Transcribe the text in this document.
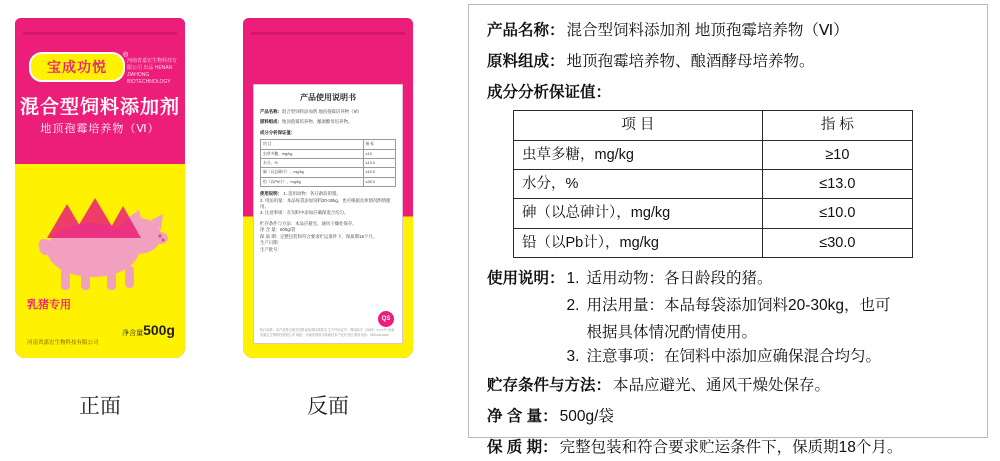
宝成功悦
®
河南省嘉宏生物科技有限公司 出品 HENAN JIAHONG BIOTECHNOLOGY
混合型饲料添加剂
地顶孢霉培养物（Ⅵ）
乳猪专用
河南省嘉宏生物科技有限公司
净含量500g
正面
产品使用说明书
产品名称：混合型饲料添加剂 地顶孢霉培养物（Ⅵ）
原料组成：地顶孢霉培养物、酿酒酵母培养物。
成分分析保证值：
项 目	指 标
虫草多糖，mg/kg	≥10
水分，%	≤13.0
砷（以总砷计），mg/kg	≤10.0
铅（以Pb计），mg/kg	≤30.0
使用说明： 1. 适用动物：各日龄段的猪。
2. 用法用量：本品每袋添加饲料20-30kg，也可根据具体情况酌情使用。
3. 注意事项：在饲料中添加应确保混合均匀。
贮存条件与方法：本品应避光、通风干燥处保存。
净 含 量：500g/袋
保 质 期：完整包装和符合要求贮运条件下，保质期18个月。
生产日期：
生产批号：
执行标准：本产品符合相关饲料添加剂标准要求 生产许可证号：豫饲添字（2019）××××号 河南省嘉宏生物科技有限公司 地址：河南省郑州市高新技术产业开发区 服务电话：400-xxx-xxxx
QS
反面
产品名称： 混合型饲料添加剂 地顶孢霉培养物（Ⅵ）
原料组成： 地顶孢霉培养物、酿酒酵母培养物。
成分分析保证值：
项 目	指 标
虫草多糖，mg/kg	≥10
水分，%	≤13.0
砷（以总砷计），mg/kg	≤10.0
铅（以Pb计），mg/kg	≤30.0
使用说明： 1. 适用动物：各日龄段的猪。
2. 用法用量：本品每袋添加饲料20-30kg，也可
根据具体情况酌情使用。
3. 注意事项：在饲料中添加应确保混合均匀。
贮存条件与方法： 本品应避光、通风干燥处保存。
净 含 量： 500g/袋
保 质 期： 完整包装和符合要求贮运条件下，保质期18个月。
